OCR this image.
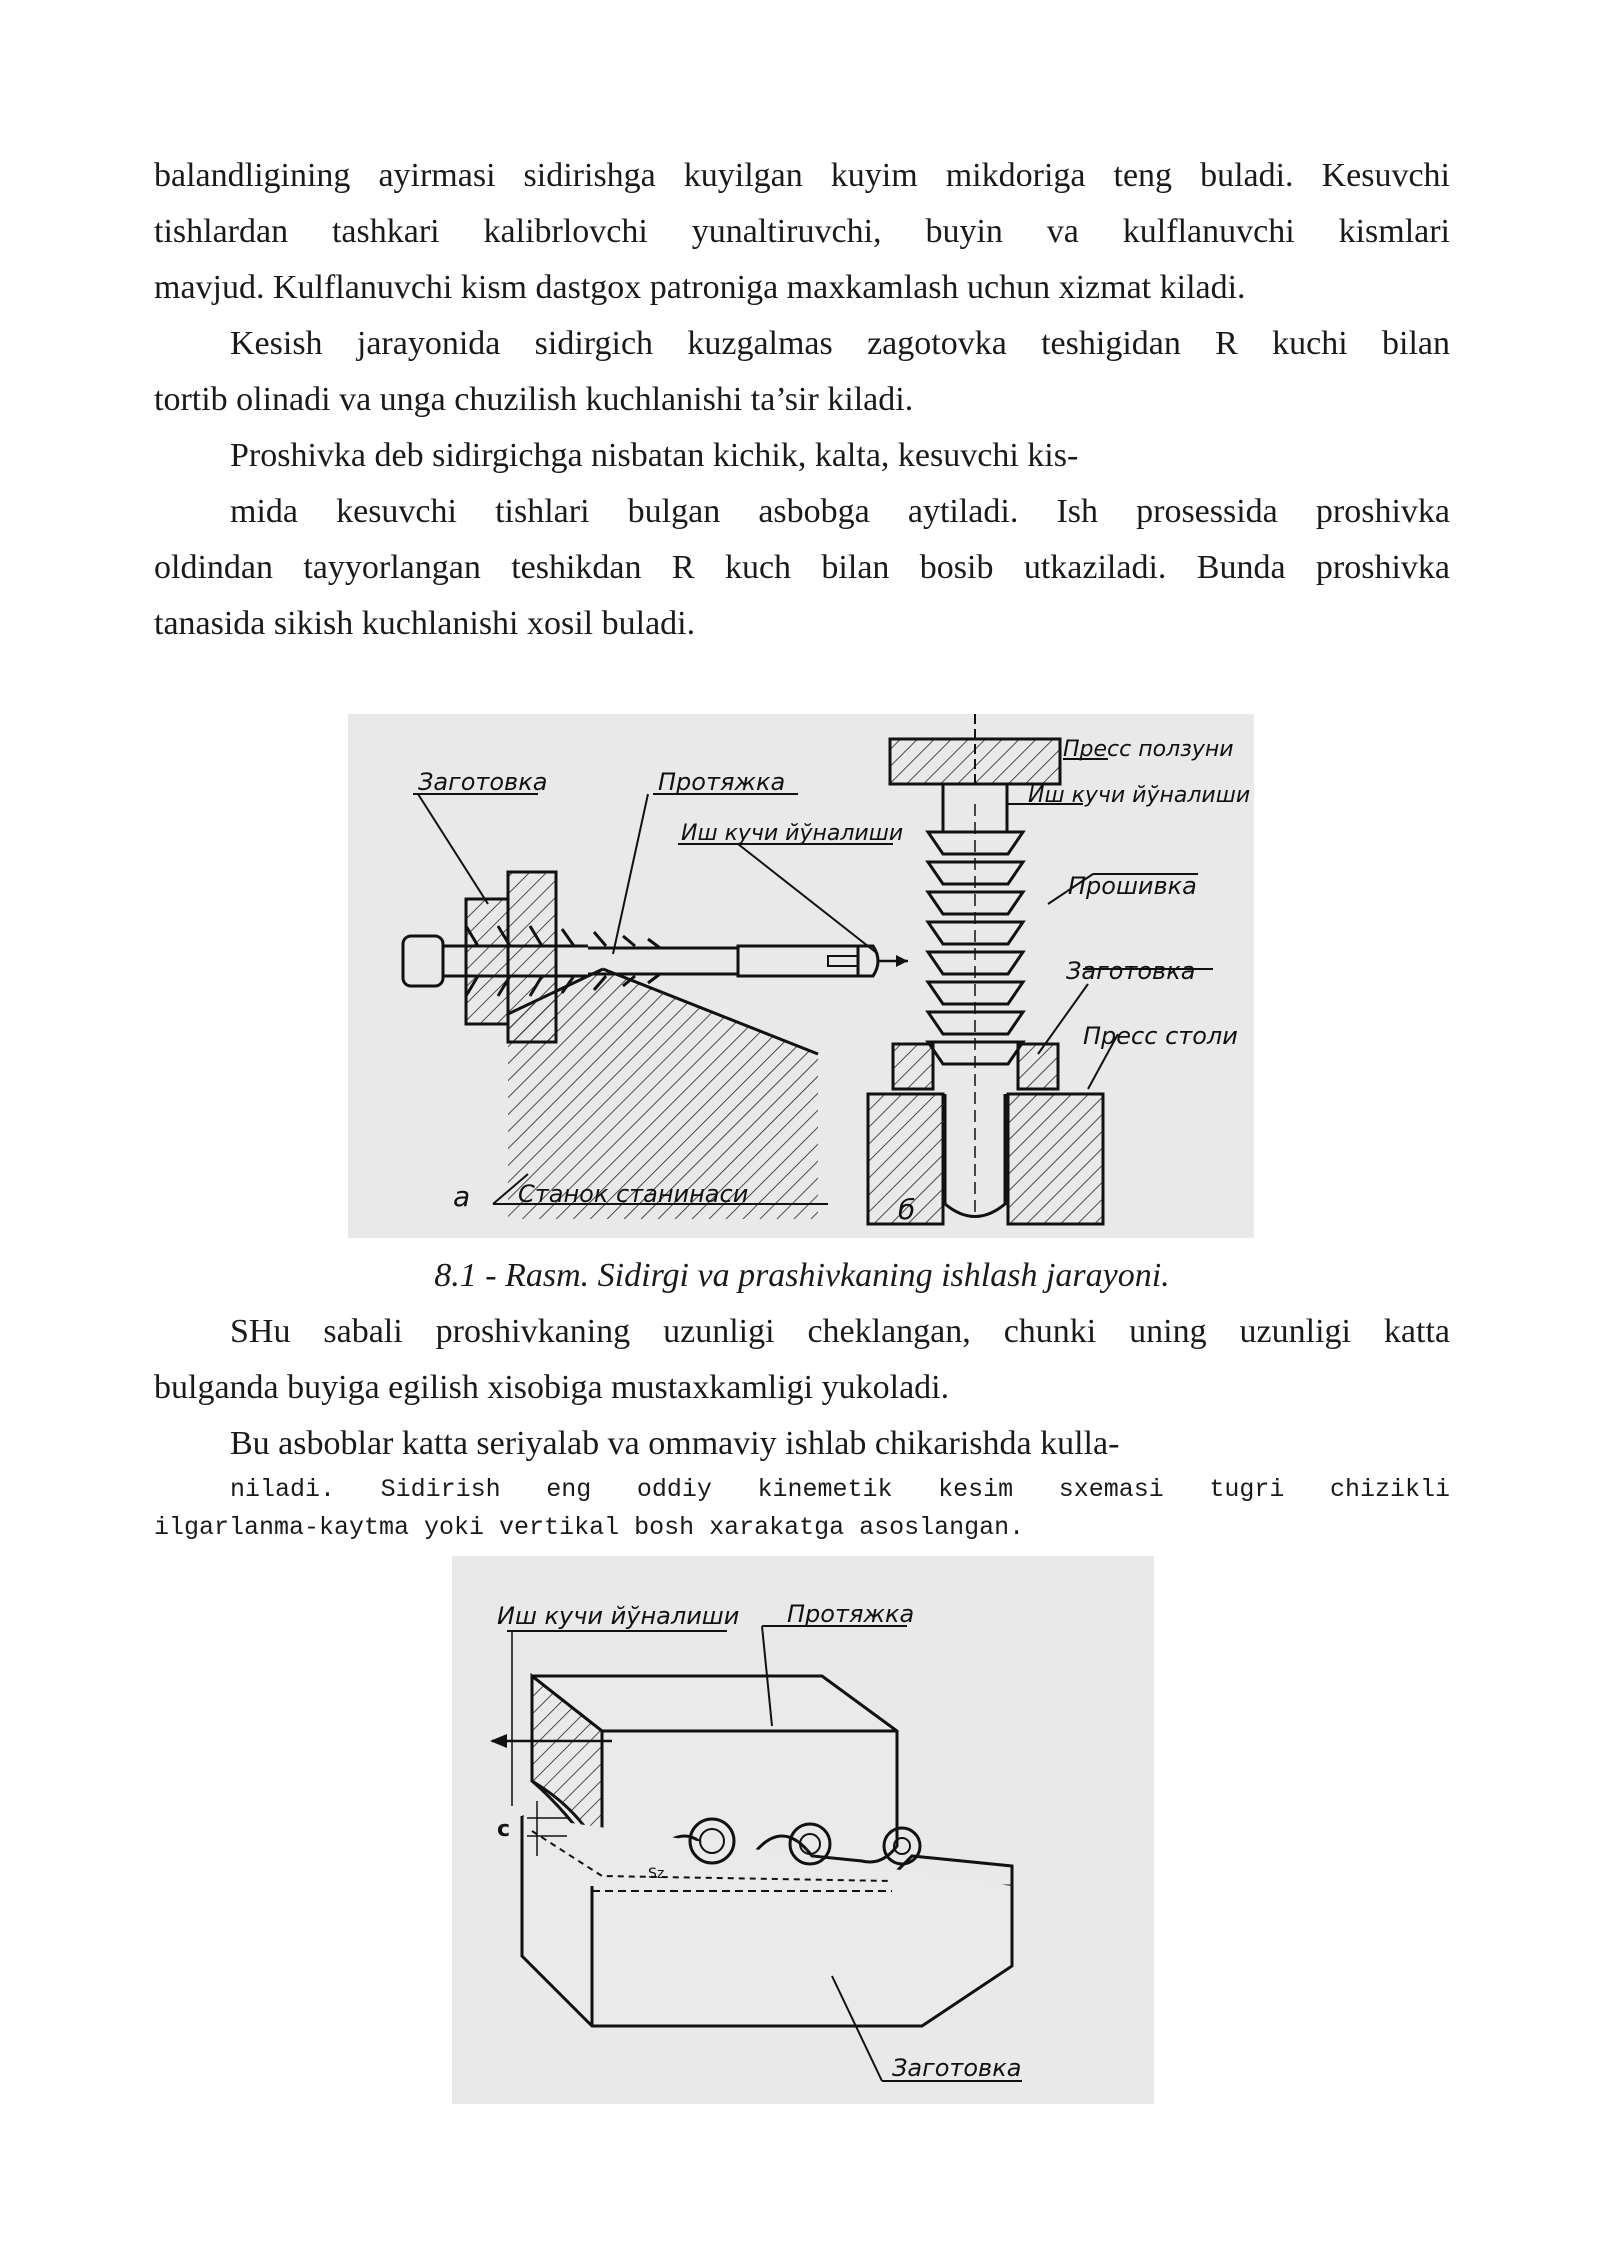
balandligining ayirmasi sidirishga kuyilgan kuyim mikdoriga teng buladi. Kesuvchi

tishlardan tashkari kalibrlovchi yunaltiruvchi, buyin va kulflanuvchi kismlari

mavjud. Kulflanuvchi kism dastgox patroniga maxkamlash uchun xizmat kiladi.

Kesish jarayonida sidirgich kuzgalmas zagotovka teshigidan R kuchi bilan

tortib olinadi va unga chuzilish kuchlanishi ta’sir kiladi.

Proshivka deb sidirgichga nisbatan kichik, kalta, kesuvchi kis-

mida kesuvchi tishlari bulgan asbobga aytiladi. Ish prosessida proshivka

oldindan tayyorlangan teshikdan R kuch bilan bosib utkaziladi. Bunda proshivka

tanasida sikish kuchlanishi xosil buladi.

Заготовка	Протяжка
Иш кучи йўналиши
Пресс ползуни
Иш кучи йўналиши
Прошивка
Заготовка
Пресс столи
а Станок станинаси	б

8.1 - Rasm. Sidirgi va prashivkaning ishlash jarayoni.

SHu sabali proshivkaning uzunligi cheklangan, chunki uning uzunligi katta

bulganda buyiga egilish xisobiga mustaxkamligi yukoladi.

Bu asboblar katta seriyalab va ommaviy ishlab chikarishda kulla-

niladi. Sidirish eng oddiy kinemetik kesim sxemasi tugri chizikli

ilgarlanma-kaytma yoki vertikal bosh xarakatga asoslangan.

Иш кучи йўналиши Протяжка
c
Sz
Заготовка
